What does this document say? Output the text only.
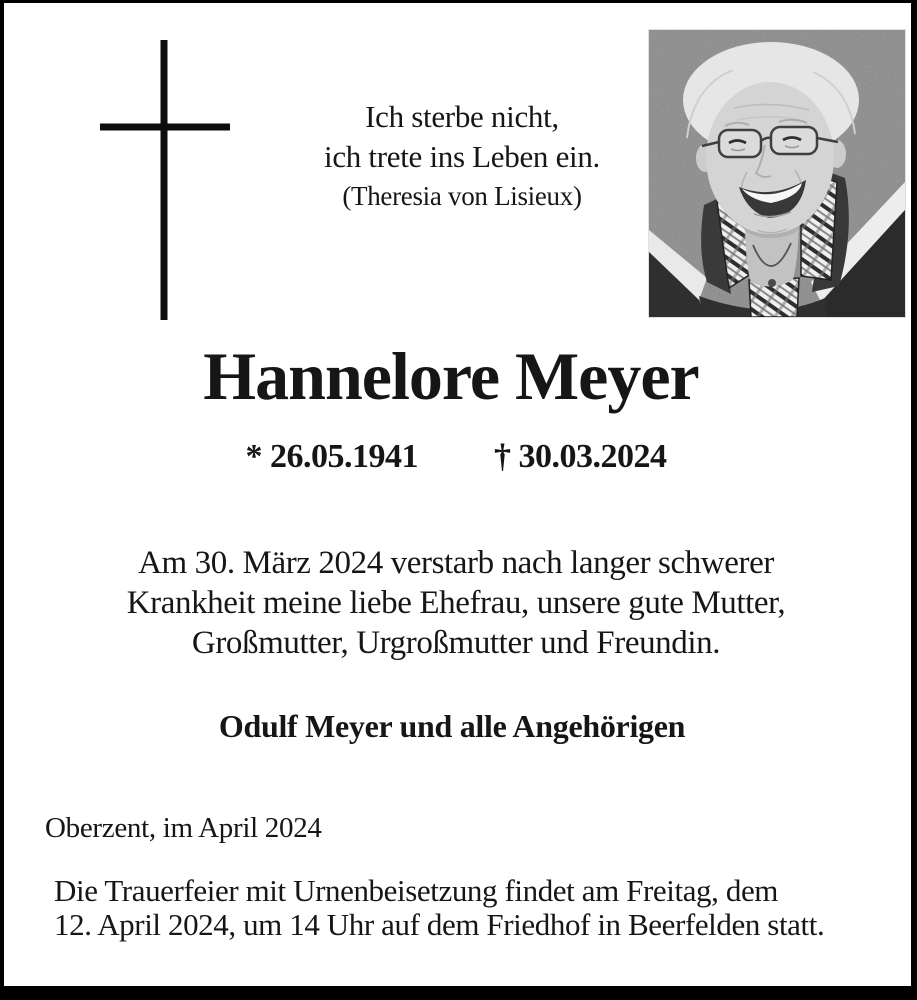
Ich sterbe nicht,
ich trete ins Leben ein.
(Theresia von Lisieux)
Hannelore Meyer
* 26.05.1941 † 30.03.2024
Am 30. März 2024 verstarb nach langer schwerer
Krankheit meine liebe Ehefrau, unsere gute Mutter,
Großmutter, Urgroßmutter und Freundin.
Odulf Meyer und alle Angehörigen
Oberzent, im April 2024
Die Trauerfeier mit Urnenbeisetzung findet am Freitag, dem
12. April 2024, um 14 Uhr auf dem Friedhof in Beerfelden statt.
